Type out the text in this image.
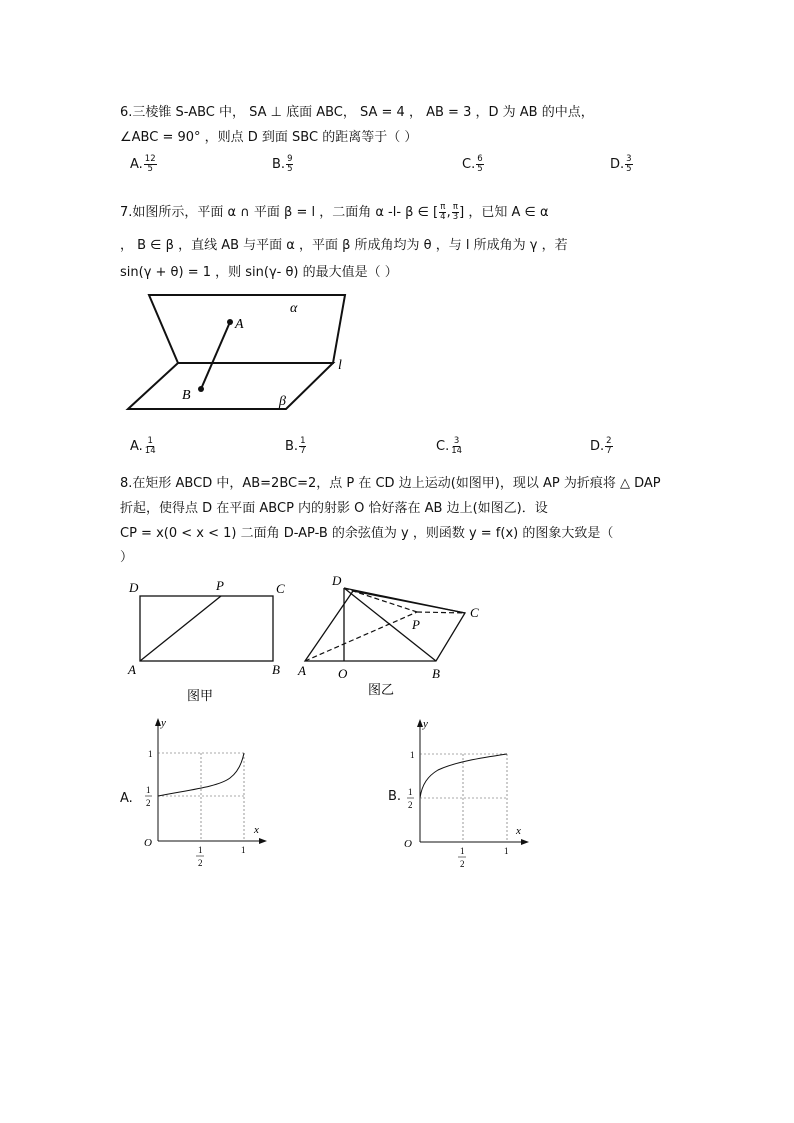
6.三棱锥 S-ABC 中， SA ⊥ 底面 ABC， SA = 4 ， AB = 3 ，D 为 AB 的中点，
∠ABC = 90° ，则点 D 到面 SBC 的距离等于（ ）
A. $\frac{12}{5}$	B. $\frac{9}{5}$	C. $\frac{6}{5}$	D. $\frac{3}{5}$
7.如图所示，平面 α ∩ 平面 β = l ，二面角 α -l- β ∈ [ $\frac{\pi}{4}$ , $\frac{\pi}{3}$ ] ，已知 A ∈ α
， B ∈ β ，直线 AB 与平面 α ，平面 β 所成角均为 θ ，与 l 所成角为 γ ，若
sin(γ + θ) = 1 ，则 sin(γ- θ) 的最大值是（ ）
α
A
l
B	β
A. $\frac{1}{14}$	B. $\frac{1}{7}$	C. $\frac{3}{14}$	D. $\frac{2}{7}$
8.在矩形 ABCD 中，AB=2BC=2，点 P 在 CD 边上运动(如图甲)，现以 AP 为折痕将 △ DAP
折起，使得点 D 在平面 ABCP 内的射影 O 恰好落在 AB 边上(如图乙)．设
CP = x(0 < x < 1) 二面角 D-AP-B 的余弦值为 y ，则函数 y = f(x) 的图象大致是（
）
D	P	C
A	B
图甲
D
C
P
A O	B
图乙
A.
y
x
O
1
1
1
2
1
2
B.
y
x
O
1
1
1
2
1
2
